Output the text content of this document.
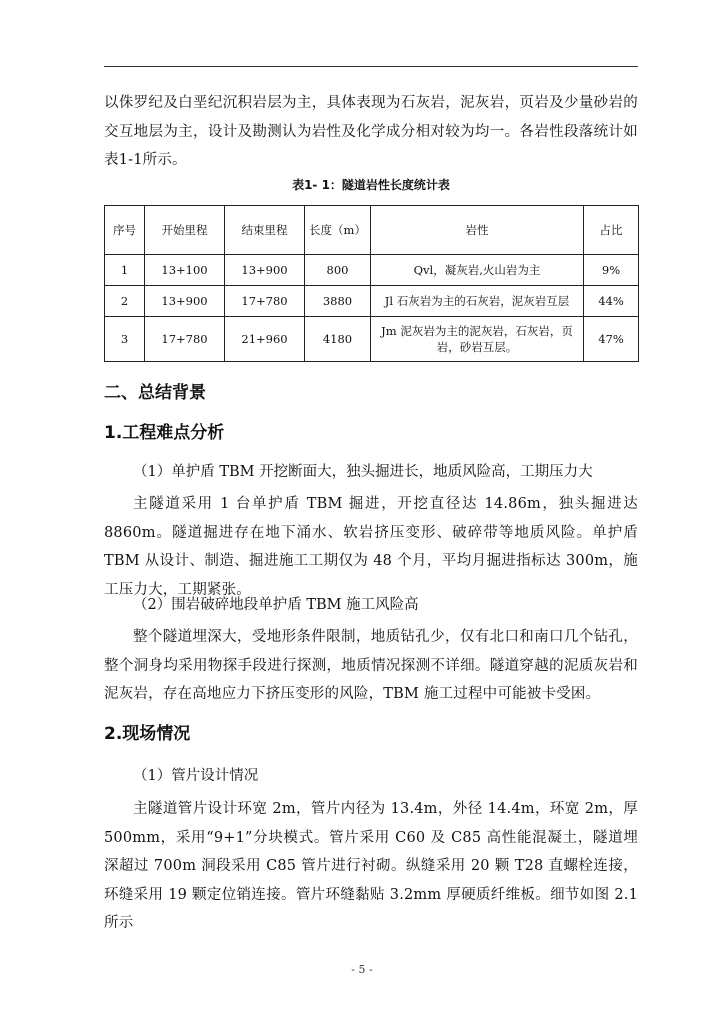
以侏罗纪及白垩纪沉积岩层为主，具体表现为石灰岩，泥灰岩，页岩及少量砂岩的交互地层为主，设计及勘测认为岩性及化学成分相对较为均一。各岩性段落统计如表1-1所示。

表1- 1：隧道岩性长度统计表
序号	开始里程	结束里程	长度（m）	岩性	占比
1	13+100	13+900	800	Qvl，凝灰岩,火山岩为主	9%
2	13+900	17+780	3880	Jl 石灰岩为主的石灰岩，泥灰岩互层	44%
3	17+780	21+960	4180	Jm 泥灰岩为主的泥灰岩，石灰岩，页岩，砂岩互层。	47%
二、总结背景
1.工程难点分析

（1）单护盾 TBM 开挖断面大，独头掘进长，地质风险高，工期压力大

主隧道采用 1 台单护盾 TBM 掘进，开挖直径达 14.86m，独头掘进达 8860m。隧道掘进存在地下涌水、软岩挤压变形、破碎带等地质风险。单护盾 TBM 从设计、制造、掘进施工工期仅为 48 个月，平均月掘进指标达 300m，施工压力大，工期紧张。

（2）围岩破碎地段单护盾 TBM 施工风险高

整个隧道埋深大，受地形条件限制，地质钻孔少，仅有北口和南口几个钻孔，整个洞身均采用物探手段进行探测，地质情况探测不详细。隧道穿越的泥质灰岩和泥灰岩，存在高地应力下挤压变形的风险，TBM 施工过程中可能被卡受困。

2.现场情况

（1）管片设计情况

主隧道管片设计环宽 2m，管片内径为 13.4m，外径 14.4m，环宽 2m，厚 500mm，采用“9+1”分块模式。管片采用 C60 及 C85 高性能混凝土，隧道埋深超过 700m 洞段采用 C85 管片进行衬砌。纵缝采用 20 颗 T28 直螺栓连接，环缝采用 19 颗定位销连接。管片环缝黏贴 3.2mm 厚硬质纤维板。细节如图 2.1 所示

- 5 -
